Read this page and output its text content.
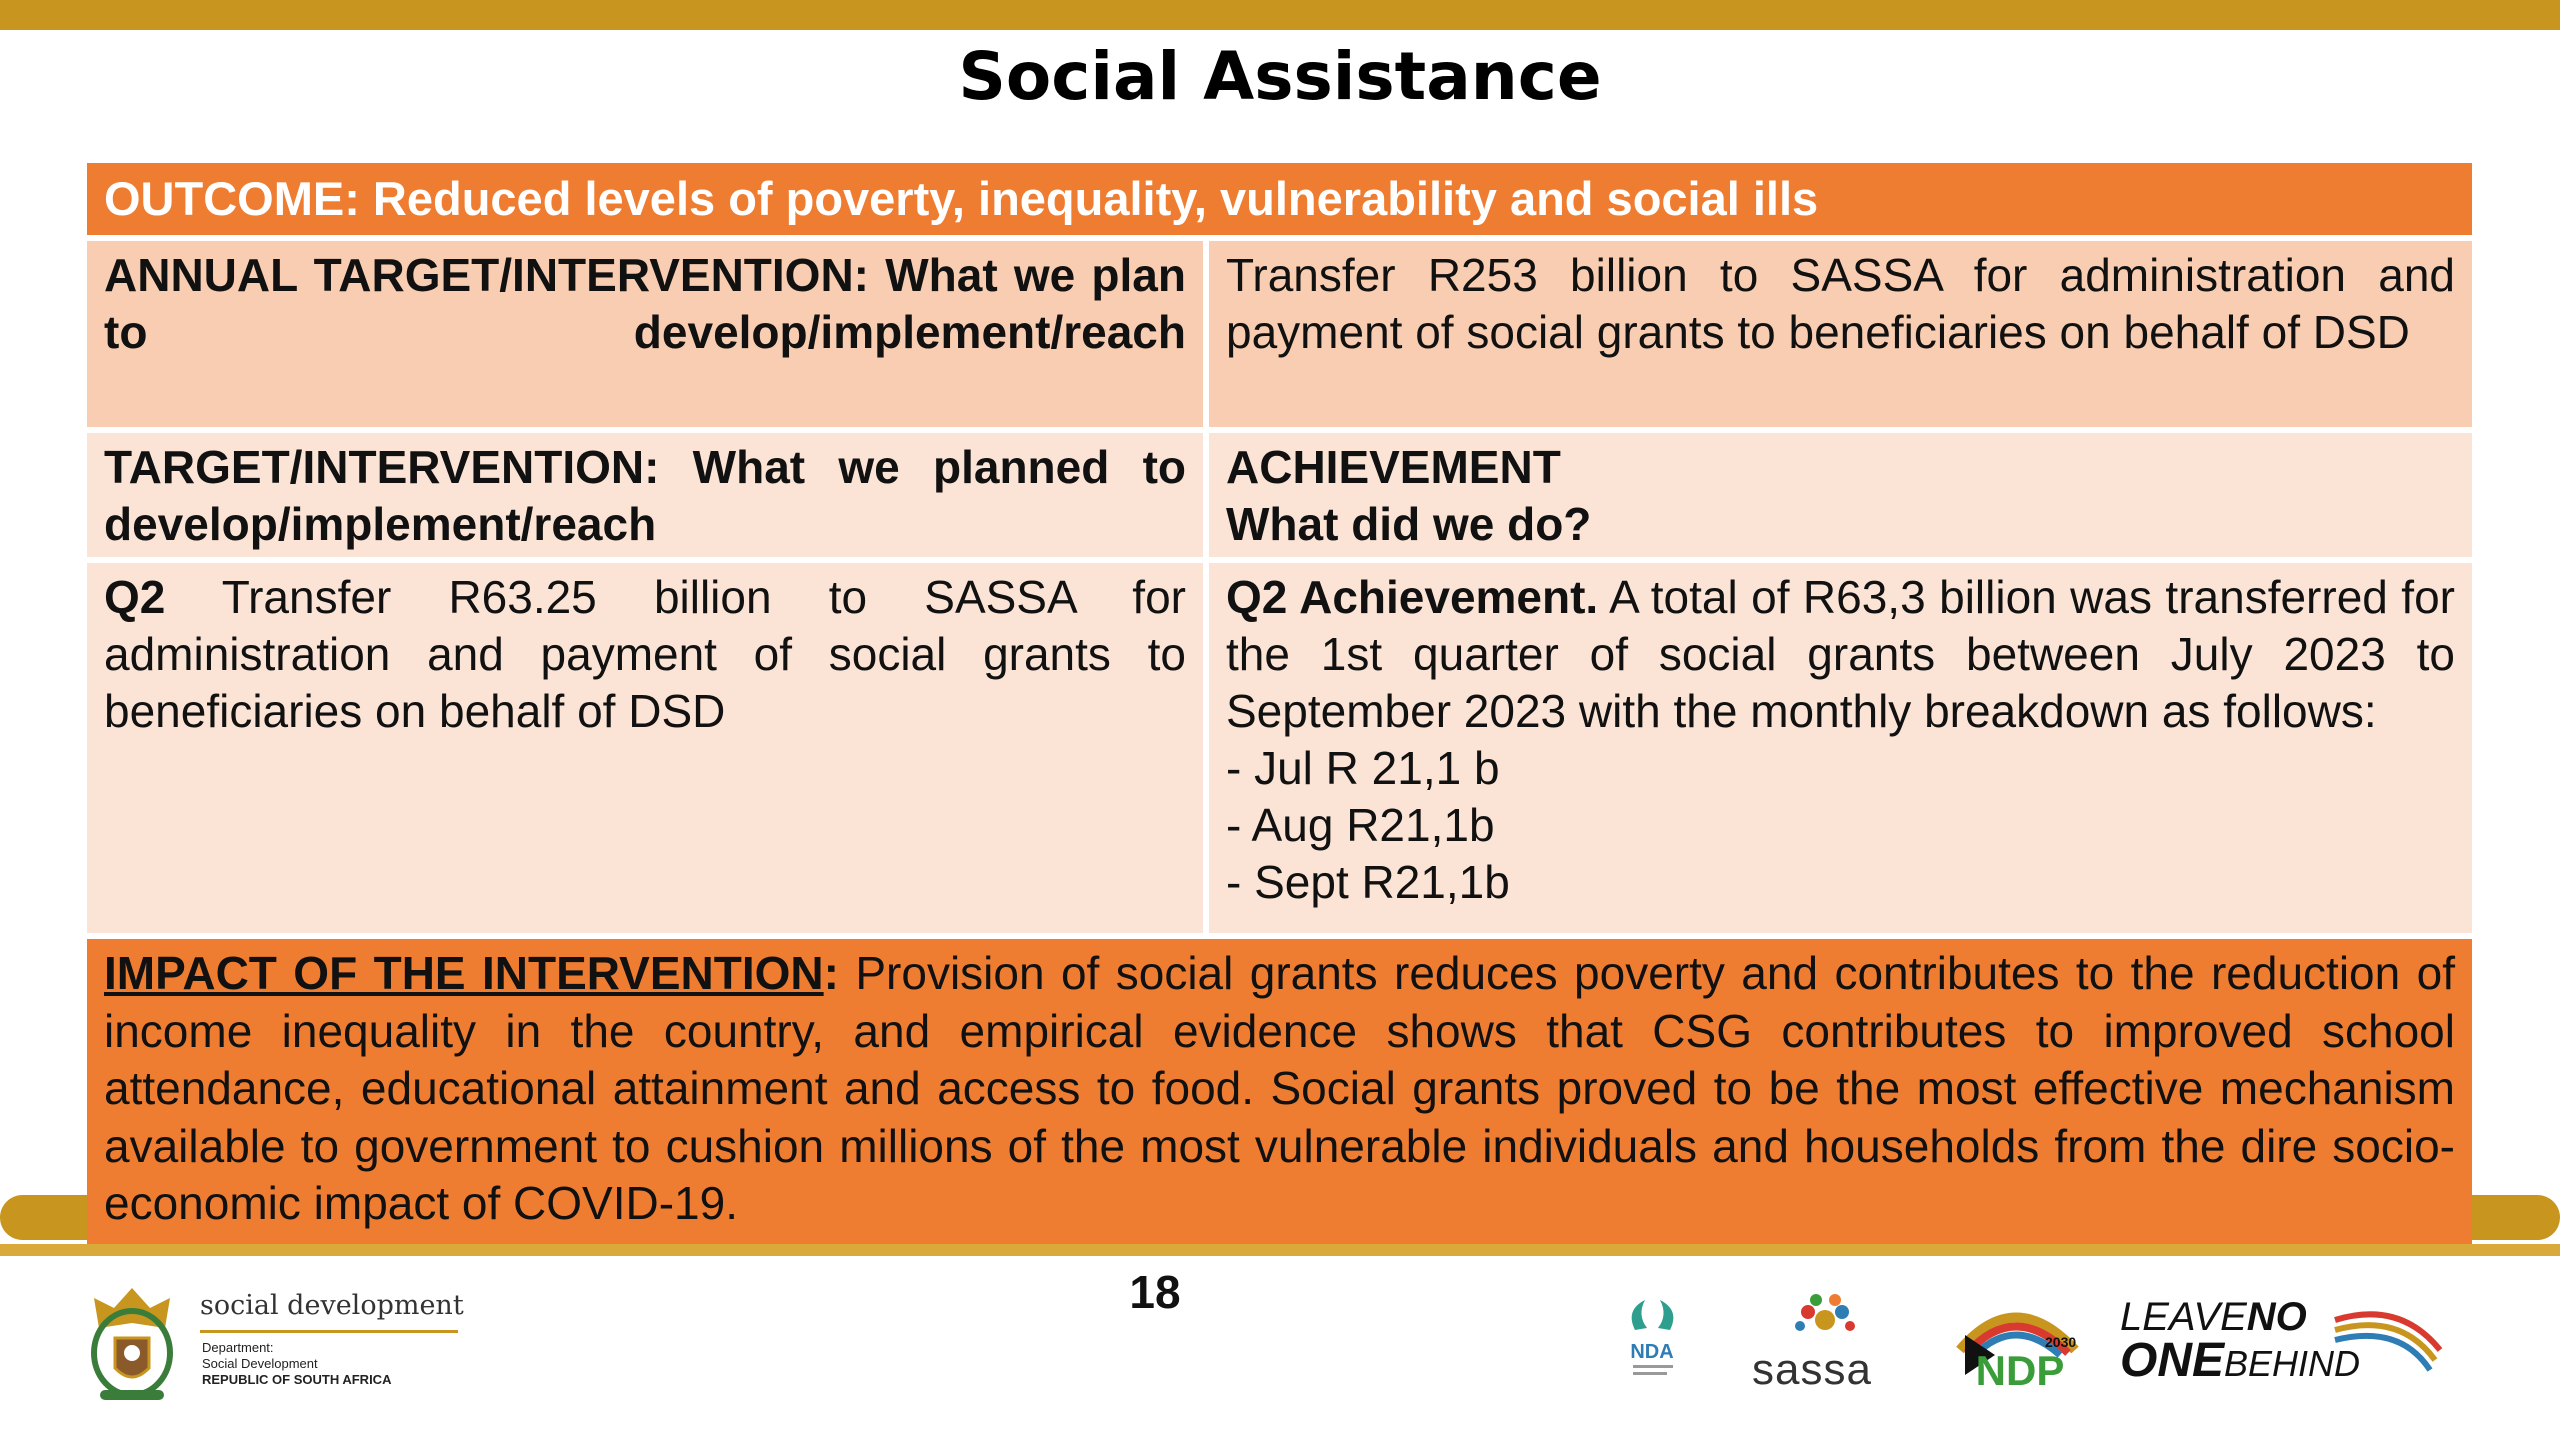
Social Assistance
OUTCOME: Reduced levels of poverty, inequality, vulnerability and social ills
ANNUAL TARGET/INTERVENTION: What we plan to develop/implement/reach
Transfer R253 billion to SASSA for administration and payment of social grants to beneficiaries on behalf of DSD
TARGET/INTERVENTION: What we planned to develop/implement/reach
ACHIEVEMENT
What did we do?
Q2 Transfer R63.25 billion to SASSA for administration and payment of social grants to beneficiaries on behalf of DSD
Q2 Achievement. A total of R63,3 billion was transferred for the 1st quarter of social grants between July 2023 to September 2023 with the monthly breakdown as follows:
- Jul R 21,1 b
- Aug R21,1b
- Sept R21,1b
IMPACT OF THE INTERVENTION: Provision of social grants reduces poverty and contributes to the reduction of income inequality in the country, and empirical evidence shows that CSG contributes to improved school attendance, educational attainment and access to food. Social grants proved to be the most effective mechanism available to government to cushion millions of the most vulnerable individuals and households from the dire socio-economic impact of COVID-19.
18
social development
Department:
Social Development
REPUBLIC OF SOUTH AFRICA
NDA sassa NDP
2030
LEAVENO
ONEBEHIND
